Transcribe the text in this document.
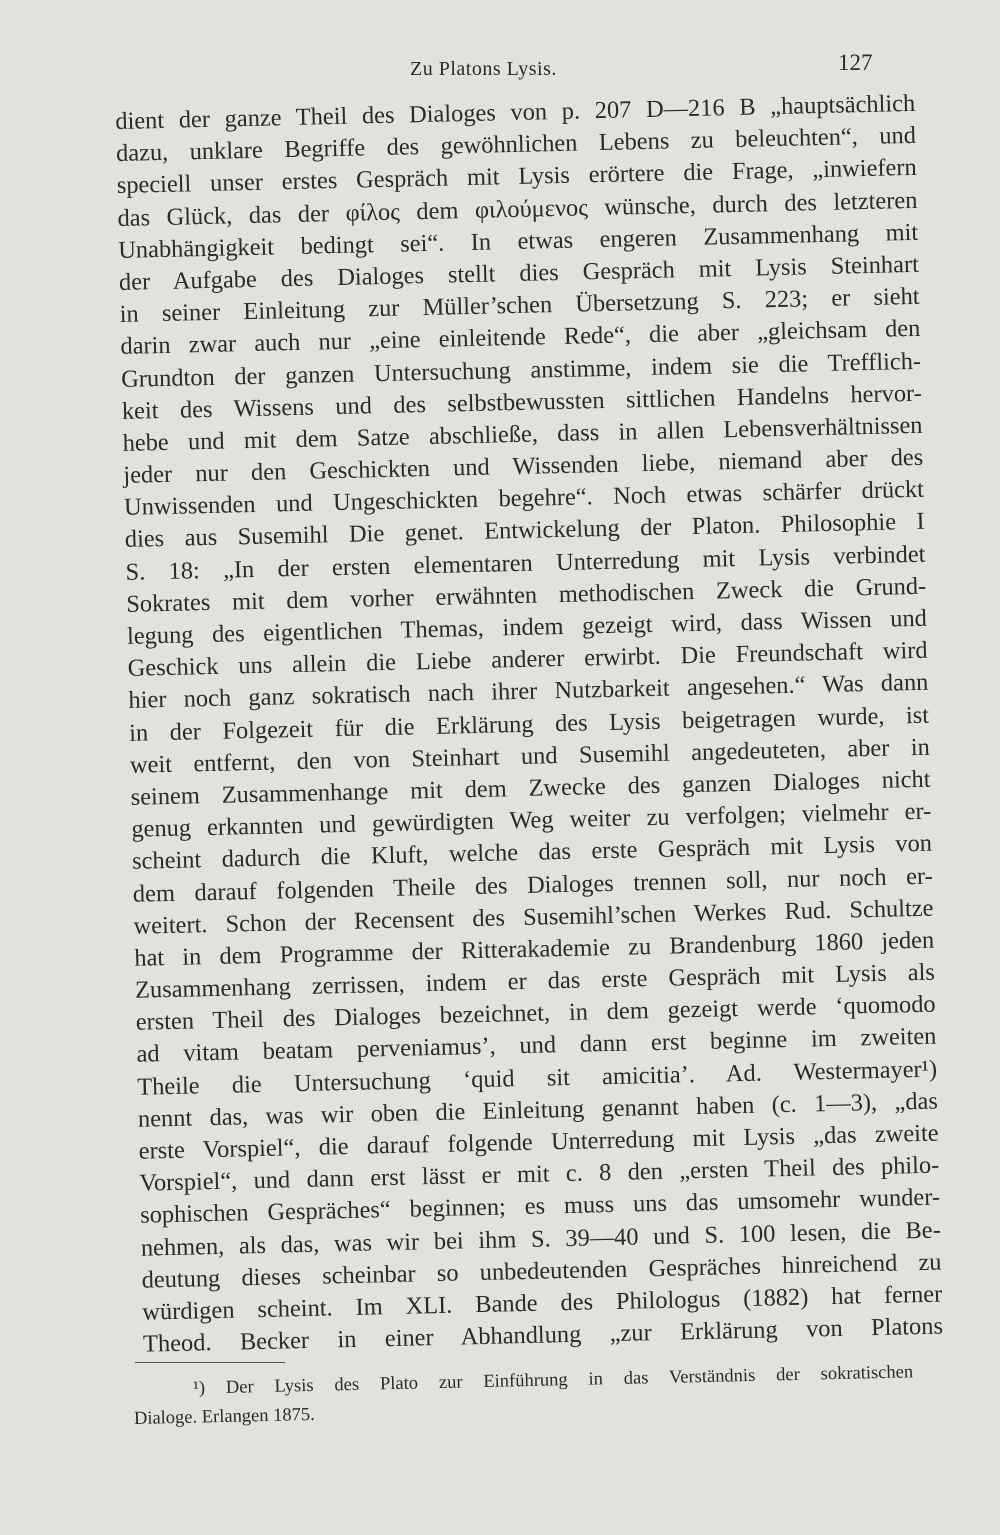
Zu Platons Lysis.	127
dient der ganze Theil des Dialoges von p. 207 D—216 B „hauptsächlich
dazu, unklare Begriffe des gewöhnlichen Lebens zu beleuchten“, und
speciell unser erstes Gespräch mit Lysis erörtere die Frage, „inwiefern
das Glück, das der φίλος dem φιλούμενος wünsche, durch des letzteren
Unabhängigkeit bedingt sei“. In etwas engeren Zusammenhang mit
der Aufgabe des Dialoges stellt dies Gespräch mit Lysis Steinhart
in seiner Einleitung zur Müller’schen Übersetzung S. 223; er sieht
darin zwar auch nur „eine einleitende Rede“, die aber „gleichsam den
Grundton der ganzen Untersuchung anstimme, indem sie die Trefflich-
keit des Wissens und des selbstbewussten sittlichen Handelns hervor-
hebe und mit dem Satze abschließe, dass in allen Lebensverhältnissen
jeder nur den Geschickten und Wissenden liebe, niemand aber des
Unwissenden und Ungeschickten begehre“. Noch etwas schärfer drückt
dies aus Susemihl Die genet. Entwickelung der Platon. Philosophie I
S. 18: „In der ersten elementaren Unterredung mit Lysis verbindet
Sokrates mit dem vorher erwähnten methodischen Zweck die Grund-
legung des eigentlichen Themas, indem gezeigt wird, dass Wissen und
Geschick uns allein die Liebe anderer erwirbt. Die Freundschaft wird
hier noch ganz sokratisch nach ihrer Nutzbarkeit angesehen.“ Was dann
in der Folgezeit für die Erklärung des Lysis beigetragen wurde, ist
weit entfernt, den von Steinhart und Susemihl angedeuteten, aber in
seinem Zusammenhange mit dem Zwecke des ganzen Dialoges nicht
genug erkannten und gewürdigten Weg weiter zu verfolgen; vielmehr er-
scheint dadurch die Kluft, welche das erste Gespräch mit Lysis von
dem darauf folgenden Theile des Dialoges trennen soll, nur noch er-
weitert. Schon der Recensent des Susemihl’schen Werkes Rud. Schultze
hat in dem Programme der Ritterakademie zu Brandenburg 1860 jeden
Zusammenhang zerrissen, indem er das erste Gespräch mit Lysis als
ersten Theil des Dialoges bezeichnet, in dem gezeigt werde ‘quomodo
ad vitam beatam perveniamus’, und dann erst beginne im zweiten
Theile die Untersuchung ‘quid sit amicitia’. Ad. Westermayer¹)
nennt das, was wir oben die Einleitung genannt haben (c. 1—3), „das
erste Vorspiel“, die darauf folgende Unterredung mit Lysis „das zweite
Vorspiel“, und dann erst lässt er mit c. 8 den „ersten Theil des philo-
sophischen Gespräches“ beginnen; es muss uns das umsomehr wunder-
nehmen, als das, was wir bei ihm S. 39—40 und S. 100 lesen, die Be-
deutung dieses scheinbar so unbedeutenden Gespräches hinreichend zu
würdigen scheint. Im XLI. Bande des Philologus (1882) hat ferner
Theod. Becker in einer Abhandlung „zur Erklärung von Platons
¹) Der Lysis des Plato zur Einführung in das Verständnis der sokratischen
Dialoge. Erlangen 1875.
